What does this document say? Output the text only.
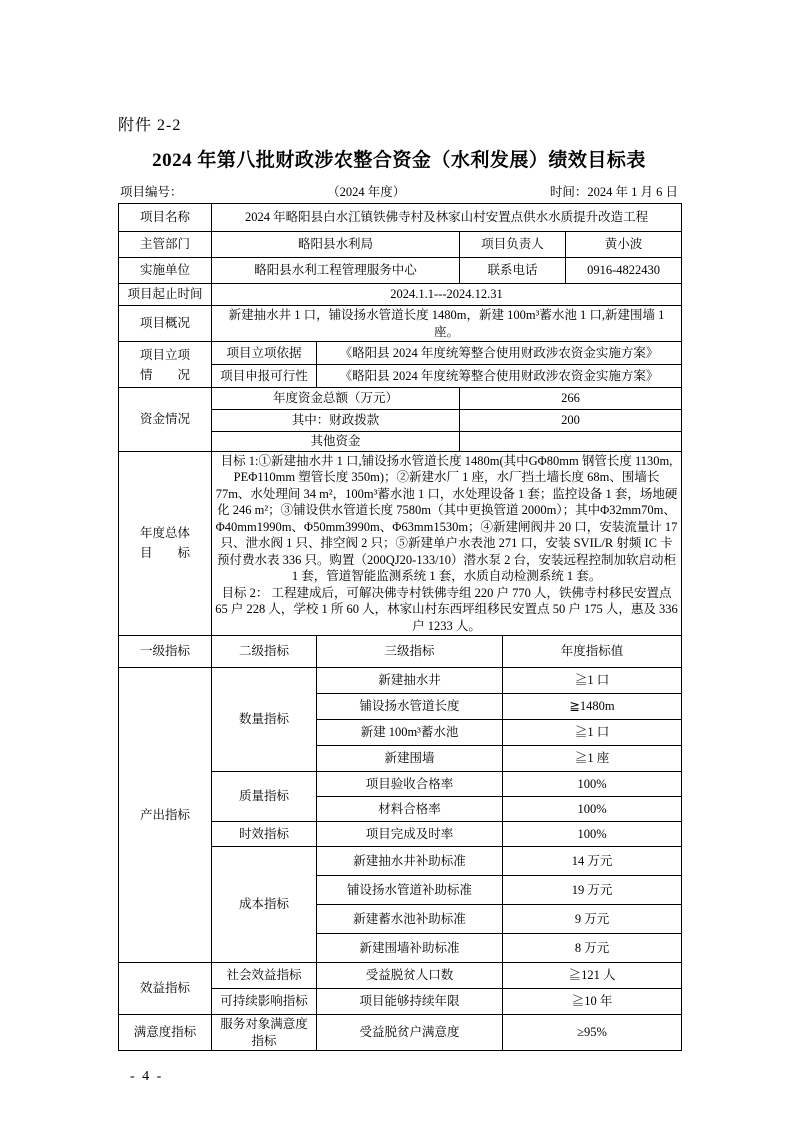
附件 2-2
2024 年第八批财政涉农整合资金（水利发展）绩效目标表
项目编号：	（2024 年度）	时间：2024 年 1 月 6 日
项目名称	2024 年略阳县白水江镇铁佛寺村及林家山村安置点供水水质提升改造工程				
主管部门	略阳县水利局		项目负责人		黄小波
实施单位	略阳县水利工程管理服务中心		联系电话		0916-4822430
项目起止时间	2024.1.1---2024.12.31				
项目概况	新建抽水井 1 口，铺设扬水管道长度 1480m，新建 100m³蓄水池 1 口,新建围墙 1 座。				

项目立项
情　　况	项目立项依据	《略阳县 2024 年度统筹整合使用财政涉农资金实施方案》			
	项目申报可行性	《略阳县 2024 年度统筹整合使用财政涉农资金实施方案》			
资金情况	年度资金总额（万元）		266		
	其中：财政拨款		200		
	其他资金				

年度总体
目　　标

目标 1:①新建抽水井 1 口,铺设扬水管道长度 1480m(其中GΦ80mm 钢管长度 1130m, PEΦ110mm 塑管长度 350m)；②新建水厂 1 座，水厂挡土墙长度 68m、围墙长 77m、水处理间 34 m²，100m³蓄水池 1 口，水处理设备 1 套；监控设备 1 套，场地硬化 246 m²；③铺设供水管道长度 7580m（其中更换管道 2000m）；其中Φ32mm70m、Φ40mm1990m、Φ50mm3990m、Φ63mm1530m；④新建闸阀井 20 口，安装流量计 17 只、泄水阀 1 只、排空阀 2 只；⑤新建单户水表池 271 口，安装 SVIL/R 射频 IC 卡预付费水表 336 只。购置（200QJ20-133/10）潜水泵 2 台，安装远程控制加软启动柜 1 套，管道智能监测系统 1 套，水质自动检测系统 1 套。

目标 2： 工程建成后，可解决佛寺村铁佛寺组 220 户 770 人，铁佛寺村移民安置点 65 户 228 人，学校 1 所 60 人，林家山村东西坪组移民安置点 50 户 175 人，惠及 336 户 1233 人。

一级指标	二级指标	三级指标		年度指标值	
产出指标	数量指标	新建抽水井		≧1 口	
		铺设扬水管道长度		≧1480m	
		新建 100m³蓄水池		≧1 口	
		新建围墙		≧1 座	
	质量指标	项目验收合格率		100%	
		材料合格率		100%	
	时效指标	项目完成及时率		100%	
	成本指标	新建抽水井补助标准		14 万元	
		铺设扬水管道补助标准		19 万元	
		新建蓄水池补助标准		9 万元	
		新建围墙补助标准		8 万元	
效益指标	社会效益指标	受益脱贫人口数		≧121 人	
	可持续影响指标	项目能够持续年限		≧10 年	
满意度指标	服务对象满意度指标	受益脱贫户满意度		≥95%	
- 4 -
